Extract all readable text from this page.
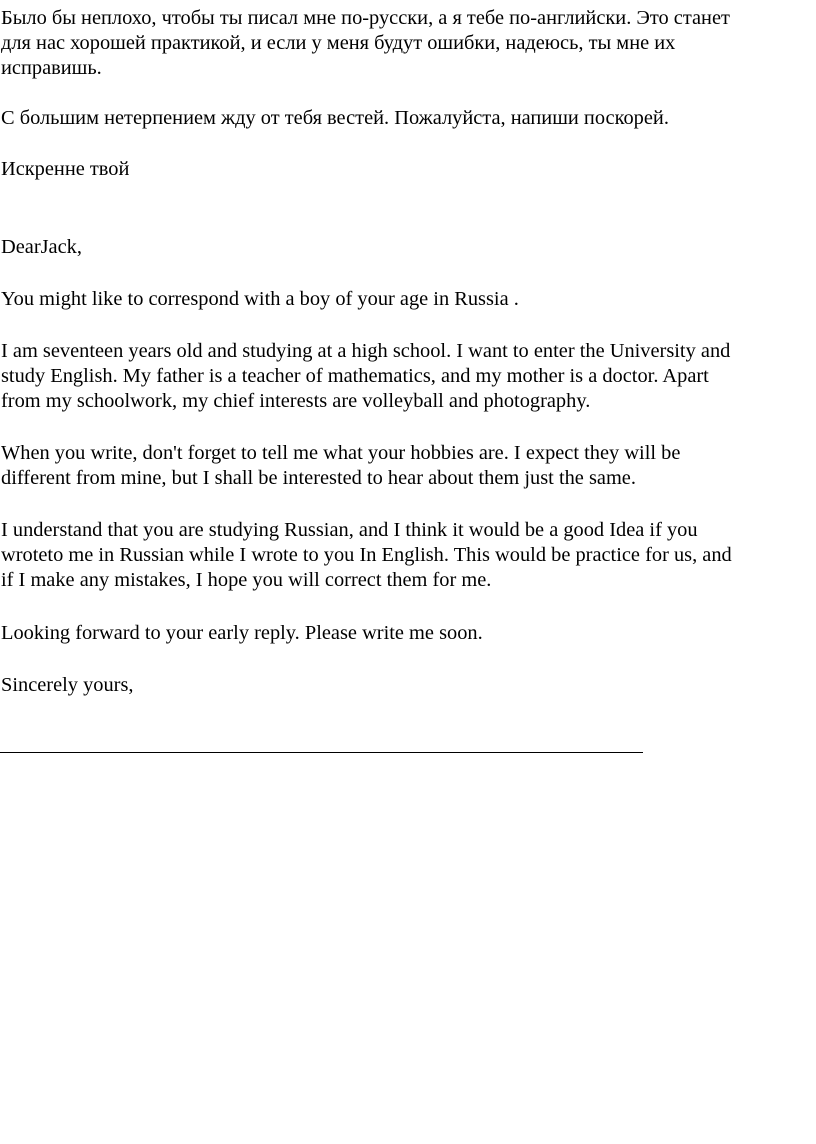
Было бы неплохо, чтобы ты писал мне по-русски, а я тебе по-английски. Это станет
для нас хорошей практикой, и если у меня будут ошибки, надеюсь, ты мне их
исправишь.

С большим нетерпением жду от тебя вестей. Пожалуйста, напиши поскорей.

Искренне твой

DearJack,

You might like to correspond with a boy of your age in Russia .

I am seventeen years old and studying at a high school. I want to enter the University and
study English. My father is a teacher of mathematics, and my mother is a doctor. Apart
from my schoolwork, my chief interests are volleyball and photography.

When you write, don't forget to tell me what your hobbies are. I expect they will be
different from mine, but I shall be interested to hear about them just the same.

I understand that you are studying Russian, and I think it would be a good Idea if you
wroteto me in Russian while I wrote to you In English. This would be practice for us, and
if I make any mistakes, I hope you will correct them for me.

Looking forward to your early reply. Please write me soon.

Sincerely yours,
